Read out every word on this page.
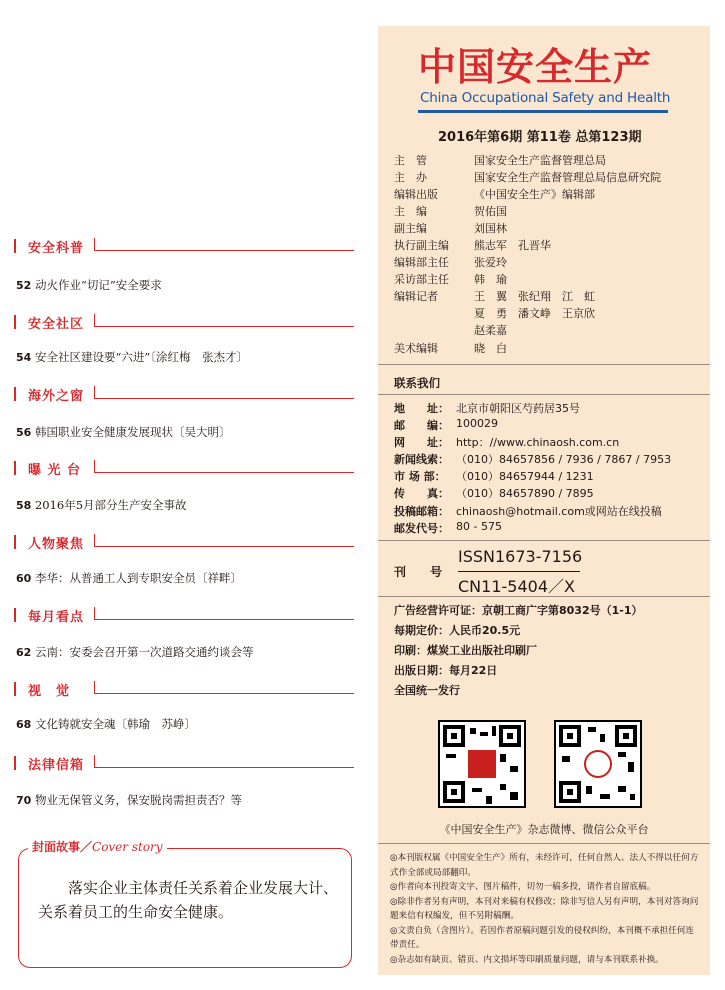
安全科普
52 动火作业“切记”安全要求
安全社区
54 安全社区建设要“六进”〔涂红梅　张杰才〕
海外之窗
56 韩国职业安全健康发展现状〔吴大明〕
曝 光 台
58 2016年5月部分生产安全事故
人物聚焦
60 李华：从普通工人到专职安全员〔祥畔〕
每月看点
62 云南：安委会召开第一次道路交通约谈会等
视　觉
68 文化铸就安全魂〔韩瑜　苏峥〕
法律信箱
70 物业无保管义务，保安脱岗需担责否？等
封面故事／Cover story
落实企业主体责任关系着企业发展大计、关系着员工的生命安全健康。
中国安全生产
China Occupational Safety and Health
2016年第6期 第11卷 总第123期
主　管	国家安全生产监督管理总局
主　办	国家安全生产监督管理总局信息研究院
编辑出版	《中国安全生产》编辑部
主　编	贺佑国
副主编	刘国林
执行副主编	熊志军　孔晋华
编辑部主任	张爱玲
采访部主任	韩　瑜
编辑记者	王　翼　张纪翔　江　虹
夏　勇　潘文峥　王京欣
赵柔嘉
美术编辑	晓　白
联系我们
地　　址： 北京市朝阳区芍药居35号
邮　　编： 100029
网　　址： http：//www.chinaosh.com.cn
新闻线索： （010）84657856 / 7936 / 7867 / 7953
市 场 部： （010）84657944 / 1231
传　　真： （010）84657890 / 7895
投稿邮箱： chinaosh@hotmail.com或网站在线投稿
邮发代号： 80 - 575
刊　　号
ISSN1673-7156
CN11-5404／X
广告经营许可证：京朝工商广字第8032号（1-1）
每期定价：人民币20.5元
印刷：煤炭工业出版社印刷厂
出版日期：每月22日
全国统一发行
《中国安全生产》杂志微博、微信公众平台

◎本刊版权属《中国安全生产》所有，未经许可，任何自然人、法人不得以任何方式作全部或局部翻印。

◎作者向本刊投寄文字、图片稿件，切勿一稿多投，请作者自留底稿。

◎除非作者另有声明，本刊对来稿有权修改；除非写信人另有声明，本刊对答询问题来信有权编发，但不另附稿酬。

◎文责自负（含图片）。若因作者原稿问题引发的侵权纠纷，本刊概不承担任何连带责任。

◎杂志如有缺页、错页、内文损坏等印刷质量问题，请与本刊联系补换。
